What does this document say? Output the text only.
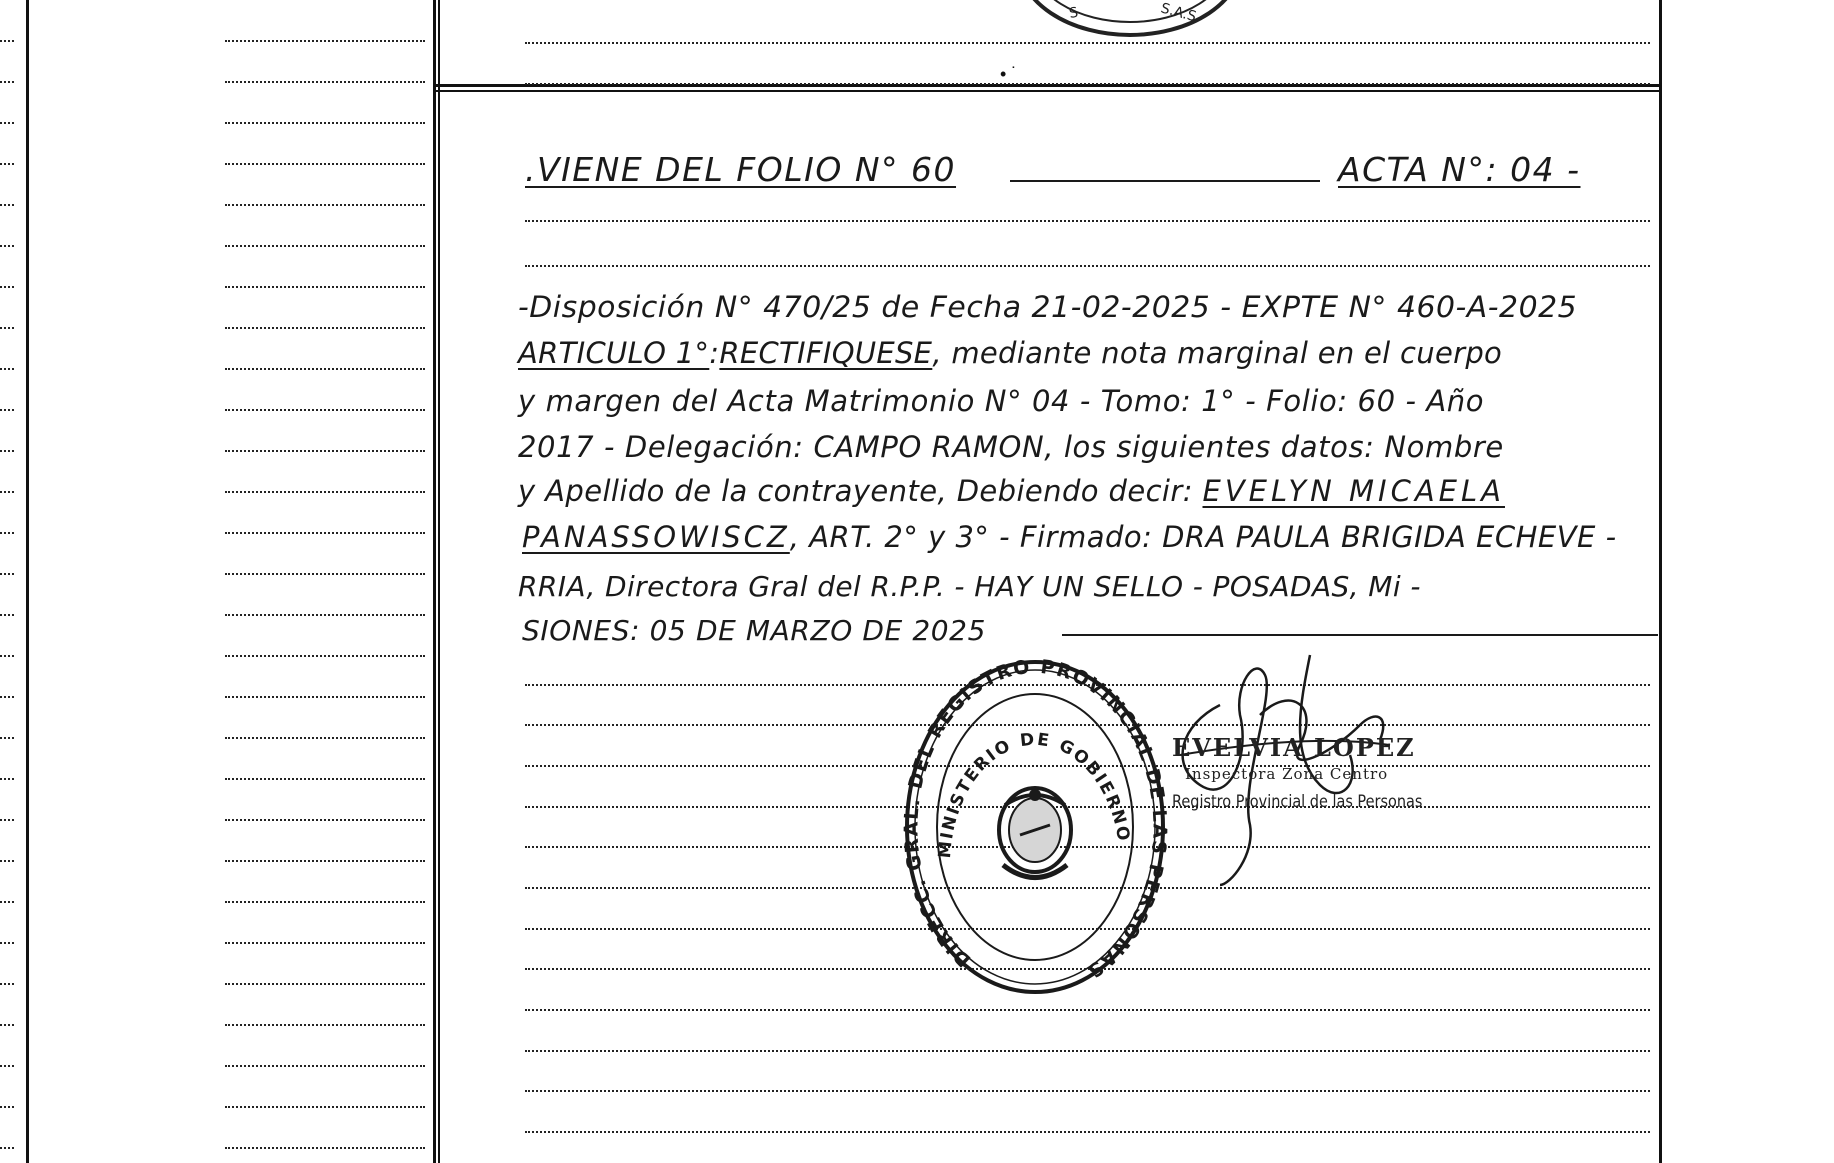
S	S.A.S
• ˙
.VIENE DEL FOLIO N° 60	ACTA N°: 04 -
-Disposición N° 470/25 de Fecha 21-02-2025 - EXPTE N° 460-A-2025
ARTICULO 1°:RECTIFIQUESE, mediante nota marginal en el cuerpo
y margen del Acta Matrimonio N° 04 - Tomo: 1° - Folio: 60 - Año
2017 - Delegación: CAMPO RAMON, los siguientes datos: Nombre
y Apellido de la contrayente, Debiendo decir: EVELYN MICAELA
PANASSOWISCZ, ART. 2° y 3° - Firmado: DRA PAULA BRIGIDA ECHEVE -
RRIA, Directora Gral del R.P.P. - HAY UN SELLO - POSADAS, Mi -
SIONES: 05 DE MARZO DE 2025
DIRECC. GRAL. DEL REGISTRO PROVINCIAL DE LAS PERSONAS
MINISTERIO DE GOBIERNO
EVELVIA LOPEZ
Inspectora Zona Centro
Registro Provincial de las Personas
